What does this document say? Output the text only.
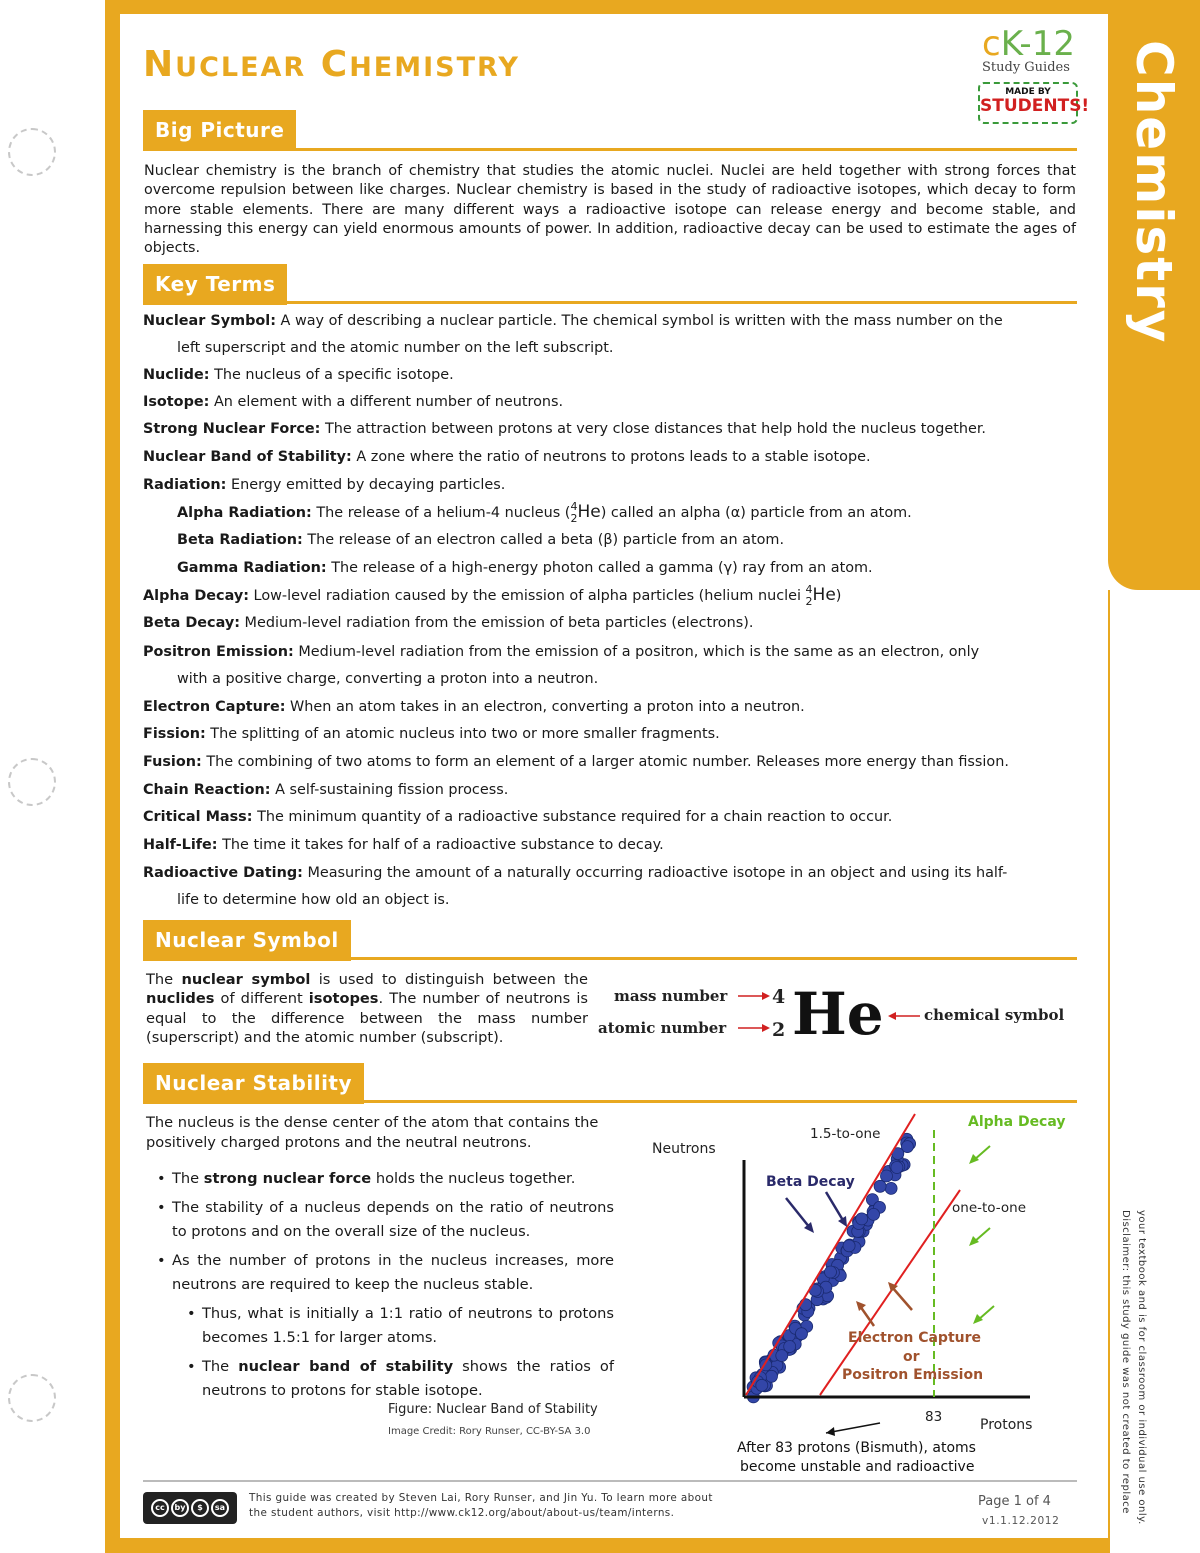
Chemistry
NUCLEAR CHEMISTRY
cK-12
Study Guides
MADE BY
STUDENTS!
Big Picture
Nuclear chemistry is the branch of chemistry that studies the atomic nuclei. Nuclei are held together with strong forces that overcome repulsion between like charges. Nuclear chemistry is based in the study of radioactive isotopes, which decay to form more stable elements. There are many different ways a radioactive isotope can release energy and become stable, and harnessing this energy can yield enormous amounts of power. In addition, radioactive decay can be used to estimate the ages of objects.
Key Terms
Nuclear Symbol: A way of describing a nuclear particle. The chemical symbol is written with the mass number on the
left superscript and the atomic number on the left subscript.
Nuclide: The nucleus of a specific isotope.
Isotope: An element with a different number of neutrons.
Strong Nuclear Force: The attraction between protons at very close distances that help hold the nucleus together.
Nuclear Band of Stability: A zone where the ratio of neutrons to protons leads to a stable isotope.
Radiation: Energy emitted by decaying particles.
Alpha Radiation: The release of a helium-4 nucleus (4
2He) called an alpha (α) particle from an atom.
Beta Radiation: The release of an electron called a beta (β) particle from an atom.
Gamma Radiation: The release of a high-energy photon called a gamma (γ) ray from an atom.
Alpha Decay: Low-level radiation caused by the emission of alpha particles (helium nuclei 4
2He)
Beta Decay: Medium-level radiation from the emission of beta particles (electrons).
Positron Emission: Medium-level radiation from the emission of a positron, which is the same as an electron, only
with a positive charge, converting a proton into a neutron.
Electron Capture: When an atom takes in an electron, converting a proton into a neutron.
Fission: The splitting of an atomic nucleus into two or more smaller fragments.
Fusion: The combining of two atoms to form an element of a larger atomic number. Releases more energy than fission.
Chain Reaction: A self-sustaining fission process.
Critical Mass: The minimum quantity of a radioactive substance required for a chain reaction to occur.
Half-Life: The time it takes for half of a radioactive substance to decay.
Radioactive Dating: Measuring the amount of a naturally occurring radioactive isotope in an object and using its half-
life to determine how old an object is.
Nuclear Symbol
The nuclear symbol is used to distinguish between the nuclides of different isotopes. The number of neutrons is equal to the difference between the mass number (superscript) and the atomic number (subscript).
mass number 4
atomic number 2 He	chemical symbol
Nuclear Stability
The nucleus is the dense center of the atom that contains the positively charged protons and the neutral neutrons.
• The strong nuclear force holds the nucleus together.
• The stability of a nucleus depends on the ratio of neutrons to protons and on the overall size of the nucleus.
• As the number of protons in the nucleus increases, more neutrons are required to keep the nucleus stable.
• Thus, what is initially a 1:1 ratio of neutrons to protons becomes 1.5:1 for larger atoms.
• The nuclear band of stability shows the ratios of neutrons to protons for stable isotope.
Figure: Nuclear Band of Stability
Image Credit: Rory Runser, CC-BY-SA 3.0
Neutrons
Protons
1.5-to-one
one-to-one
Alpha Decay
Beta Decay
Electron Capture
or
Positron Emission
83
After 83 protons (Bismuth), atoms
become unstable and radioactive
cc	by	$	sa
This guide was created by Steven Lai, Rory Runser, and Jin Yu. To learn more about the student authors, visit http://www.ck12.org/about/about-us/team/interns.
Page 1 of 4
v1.1.12.2012
Disclaimer: this study guide was not created to replace your textbook and is for classroom or individual use only.
